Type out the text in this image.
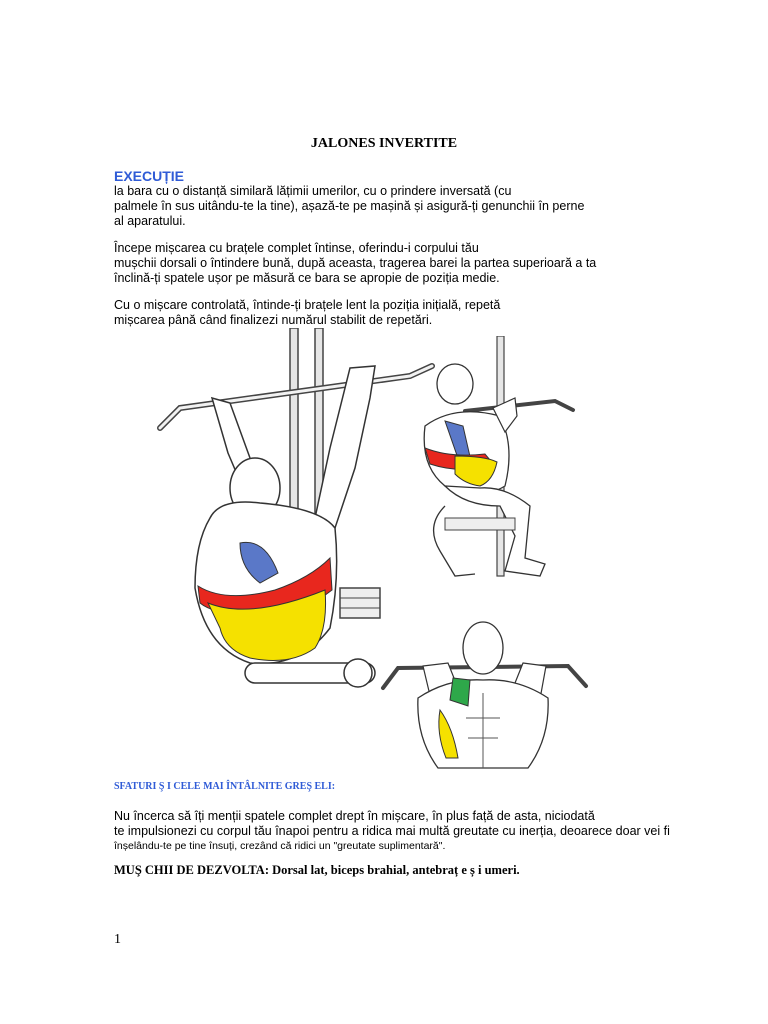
JALONES INVERTITE
EXECUȚIE
la bara cu o distanță similară lățimii umerilor, cu o prindere inversată (cu
palmele în sus uitându-te la tine), așază-te pe mașină și asigură-ți genunchii în perne
al aparatului.
Începe mișcarea cu brațele complet întinse, oferindu-i corpului tău
mușchii dorsali o întindere bună, după aceasta, tragerea barei la partea superioară a ta
înclină-ți spatele ușor pe măsură ce bara se apropie de poziția medie.
Cu o mișcare controlată, întinde-ți brațele lent la poziția inițială, repetă
mișcarea până când finalizezi numărul stabilit de repetări.
SFATURI Ş I CELE MAI ÎNTÂLNITE GREŞ ELI:
Nu încerca să îți menții spatele complet drept în mișcare, în plus față de asta, niciodată
te impulsionezi cu corpul tău înapoi pentru a ridica mai multă greutate cu inerția, deoarece doar vei fi
înșelându-te pe tine însuți, crezând că ridici un "greutate suplimentară".
MUŞ CHII DE DEZVOLTA: Dorsal lat, biceps brahial, antebraț e ș i umeri.
1
